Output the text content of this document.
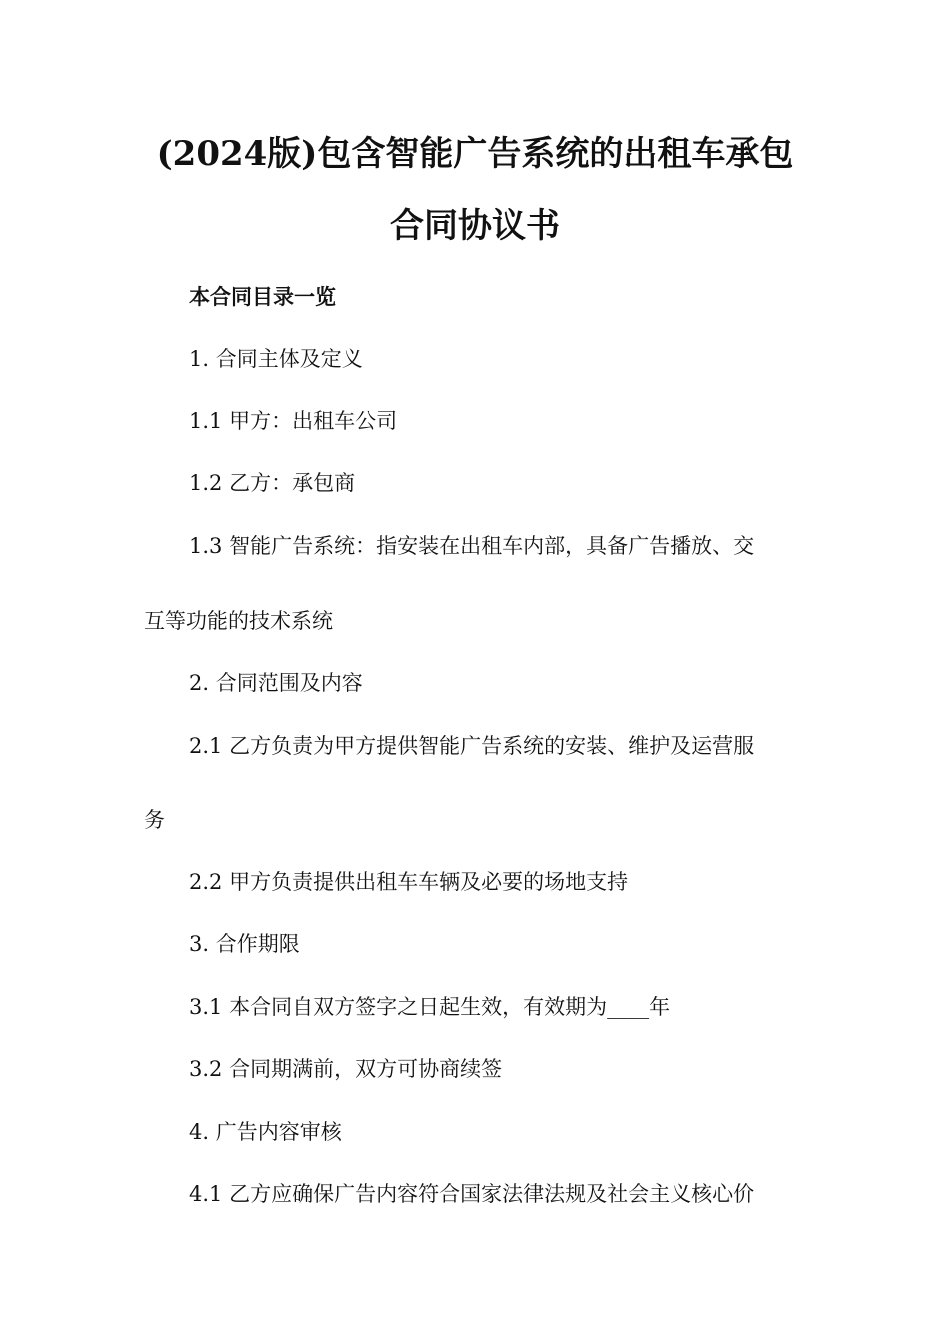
(2024版)包含智能广告系统的出租车承包
合同协议书
本合同目录一览
1. 合同主体及定义
1.1 甲方：出租车公司
1.2 乙方：承包商
1.3 智能广告系统：指安装在出租车内部，具备广告播放、交
互等功能的技术系统
2. 合同范围及内容
2.1 乙方负责为甲方提供智能广告系统的安装、维护及运营服
务
2.2 甲方负责提供出租车车辆及必要的场地支持
3. 合作期限
3.1 本合同自双方签字之日起生效，有效期为____年
3.2 合同期满前，双方可协商续签
4. 广告内容审核
4.1 乙方应确保广告内容符合国家法律法规及社会主义核心价
